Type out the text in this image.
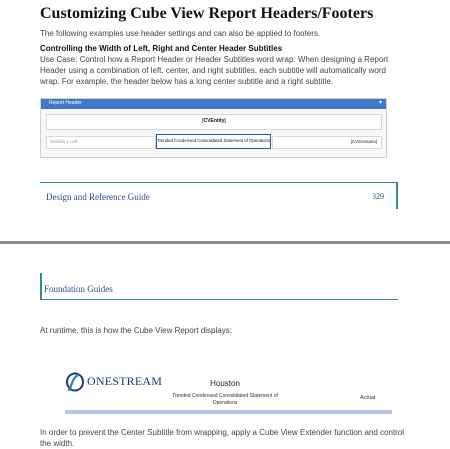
Customizing Cube View Report Headers/Footers
The following examples use header settings and can also be applied to footers.
Controlling the Width of Left, Right and Center Header Subtitles
Use Case: Control how a Report Header or Header Subtitles word wrap. When designing a Report Header using a combination of left, center, and right subtitles, each subtitle will automatically word wrap. For example, the header below has a long center subtitle and a right subtitle.
Report Header	▾
|CVEntity|
Subtitle 1 Left	Trended Condensed Consolidated Statement of Operations	|CVScenario|
Design and Reference Guide	329
Foundation Guides
At runtime, this is how the Cube View Report displays:
ONESTREAM	Houston
Trended Condensed Consolidated Statement of Operations
Actual
In order to prevent the Center Subtitle from wrapping, apply a Cube View Extender function and control the width.
